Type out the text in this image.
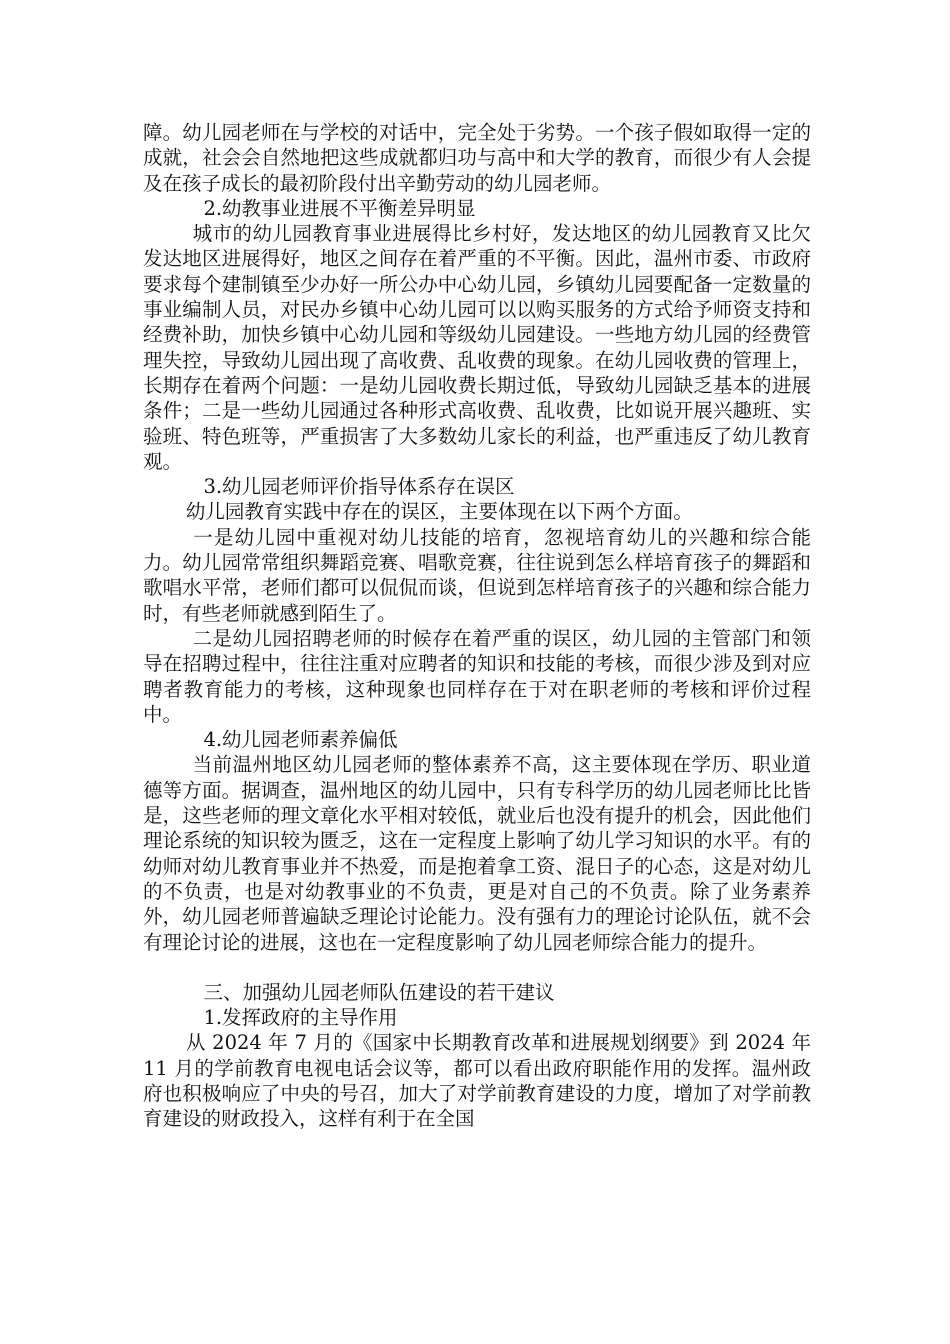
障。幼儿园老师在与学校的对话中，完全处于劣势。一个孩子假如取得一定的成就，社会会自然地把这些成就都归功与高中和大学的教育，而很少有人会提及在孩子成长的最初阶段付出辛勤劳动的幼儿园老师。

2.幼教事业进展不平衡差异明显

城市的幼儿园教育事业进展得比乡村好，发达地区的幼儿园教育又比欠发达地区进展得好，地区之间存在着严重的不平衡。因此，温州市委、市政府要求每个建制镇至少办好一所公办中心幼儿园，乡镇幼儿园要配备一定数量的事业编制人员，对民办乡镇中心幼儿园可以以购买服务的方式给予师资支持和经费补助，加快乡镇中心幼儿园和等级幼儿园建设。一些地方幼儿园的经费管理失控，导致幼儿园出现了高收费、乱收费的现象。在幼儿园收费的管理上，长期存在着两个问题：一是幼儿园收费长期过低，导致幼儿园缺乏基本的进展条件；二是一些幼儿园通过各种形式高收费、乱收费，比如说开展兴趣班、实验班、特色班等，严重损害了大多数幼儿家长的利益，也严重违反了幼儿教育观。

3.幼儿园老师评价指导体系存在误区

幼儿园教育实践中存在的误区，主要体现在以下两个方面。

一是幼儿园中重视对幼儿技能的培育，忽视培育幼儿的兴趣和综合能力。幼儿园常常组织舞蹈竞赛、唱歌竞赛，往往说到怎么样培育孩子的舞蹈和歌唱水平常，老师们都可以侃侃而谈，但说到怎样培育孩子的兴趣和综合能力时，有些老师就感到陌生了。

二是幼儿园招聘老师的时候存在着严重的误区，幼儿园的主管部门和领导在招聘过程中，往往注重对应聘者的知识和技能的考核，而很少涉及到对应聘者教育能力的考核，这种现象也同样存在于对在职老师的考核和评价过程中。

4.幼儿园老师素养偏低

当前温州地区幼儿园老师的整体素养不高，这主要体现在学历、职业道德等方面。据调查，温州地区的幼儿园中，只有专科学历的幼儿园老师比比皆是，这些老师的理文章化水平相对较低，就业后也没有提升的机会，因此他们理论系统的知识较为匮乏，这在一定程度上影响了幼儿学习知识的水平。有的幼师对幼儿教育事业并不热爱，而是抱着拿工资、混日子的心态，这是对幼儿的不负责，也是对幼教事业的不负责，更是对自己的不负责。除了业务素养外，幼儿园老师普遍缺乏理论讨论能力。没有强有力的理论讨论队伍，就不会有理论讨论的进展，这也在一定程度影响了幼儿园老师综合能力的提升。

三、加强幼儿园老师队伍建设的若干建议

1.发挥政府的主导作用

从 2024 年 7 月的《国家中长期教育改革和进展规划纲要》到 2024 年 11 月的学前教育电视电话会议等，都可以看出政府职能作用的发挥。温州政府也积极响应了中央的号召，加大了对学前教育建设的力度，增加了对学前教育建设的财政投入，这样有利于在全国
